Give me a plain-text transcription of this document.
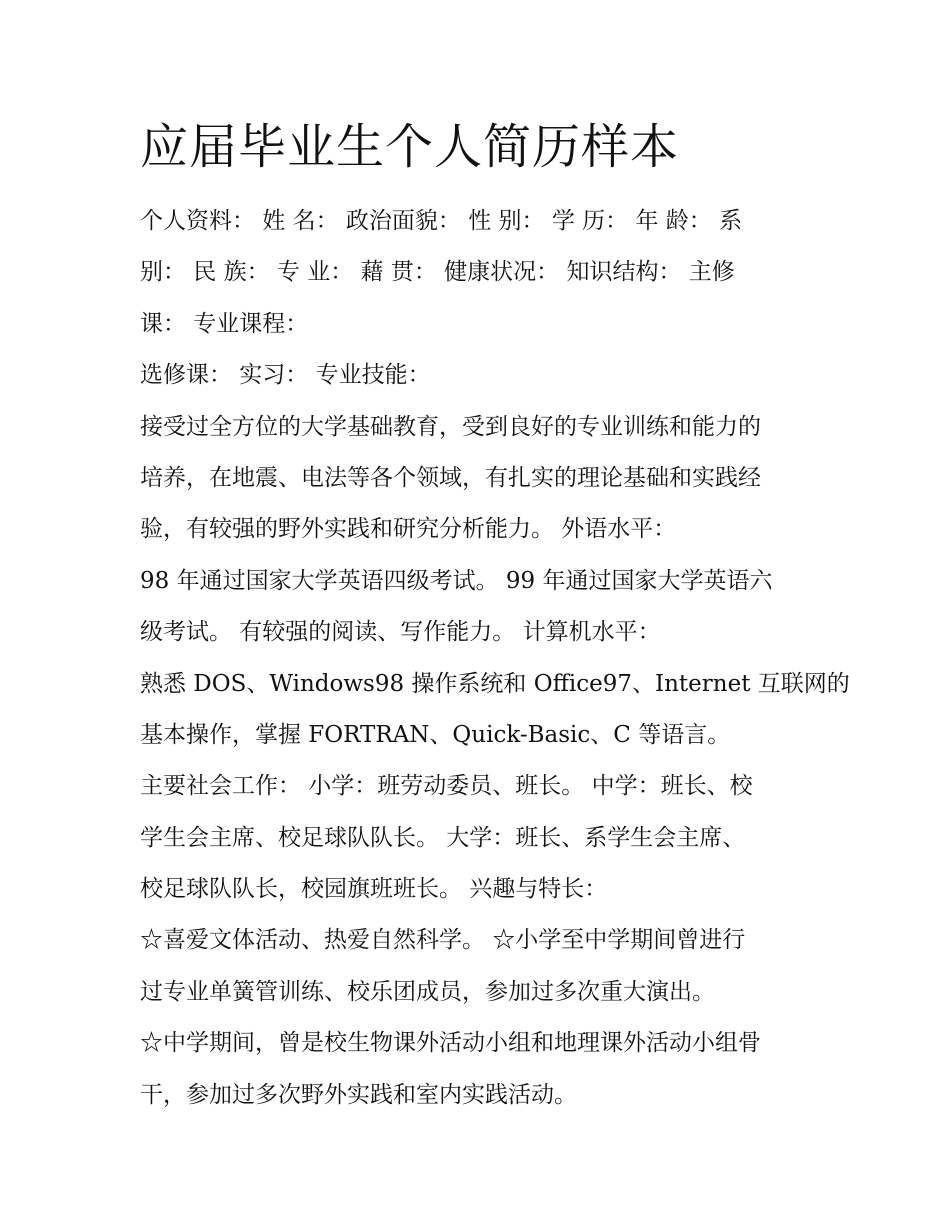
应届毕业生个人简历样本

个人资料： 姓 名： 政治面貌： 性 别： 学 历： 年 龄： 系

别： 民 族： 专 业： 藉 贯： 健康状况： 知识结构： 主修

课： 专业课程：

选修课： 实习： 专业技能：

接受过全方位的大学基础教育，受到良好的专业训练和能力的

培养，在地震、电法等各个领域，有扎实的理论基础和实践经

验，有较强的野外实践和研究分析能力。 外语水平：

98 年通过国家大学英语四级考试。 99 年通过国家大学英语六

级考试。 有较强的阅读、写作能力。 计算机水平：

熟悉 DOS、Windows98 操作系统和 Office97、Internet 互联网的

基本操作，掌握 FORTRAN、Quick-Basic、C 等语言。

主要社会工作： 小学：班劳动委员、班长。 中学：班长、校

学生会主席、校足球队队长。 大学：班长、系学生会主席、

校足球队队长，校园旗班班长。 兴趣与特长：

☆喜爱文体活动、热爱自然科学。 ☆小学至中学期间曾进行

过专业单簧管训练、校乐团成员，参加过多次重大演出。

☆中学期间，曾是校生物课外活动小组和地理课外活动小组骨

干，参加过多次野外实践和室内实践活动。
